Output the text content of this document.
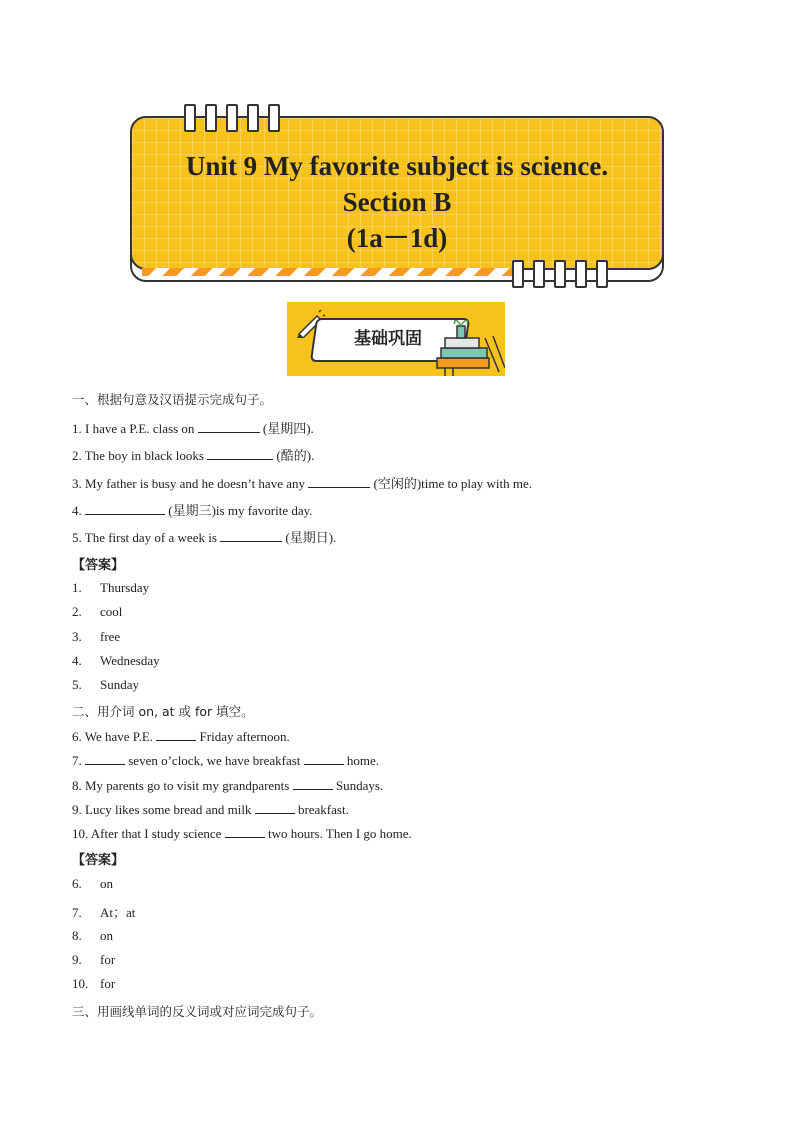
Unit 9 My favorite subject is science.
Section B
(1a－1d)
基础巩固
一、根据句意及汉语提示完成句子。
1. I have a P.E. class on	(星期四).
2. The boy in black looks	(酷的).
3. My father is busy and he doesn’t have any	(空闲的)time to play with me.
4.	(星期三)is my favorite day.
5. The first day of a week is	(星期日).
【答案】
1. Thursday
2. cool
3. free
4. Wednesday
5. Sunday
二、用介词 on, at 或 for 填空。
6. We have P.E.	Friday afternoon.
7.	seven o’clock, we have breakfast	home.
8. My parents go to visit my grandparents	Sundays.
9. Lucy likes some bread and milk	breakfast.
10. After that I study science	two hours. Then I go home.
【答案】
6. on
7. At；at
8. on
9. for
10. for
三、用画线单词的反义词或对应词完成句子。
